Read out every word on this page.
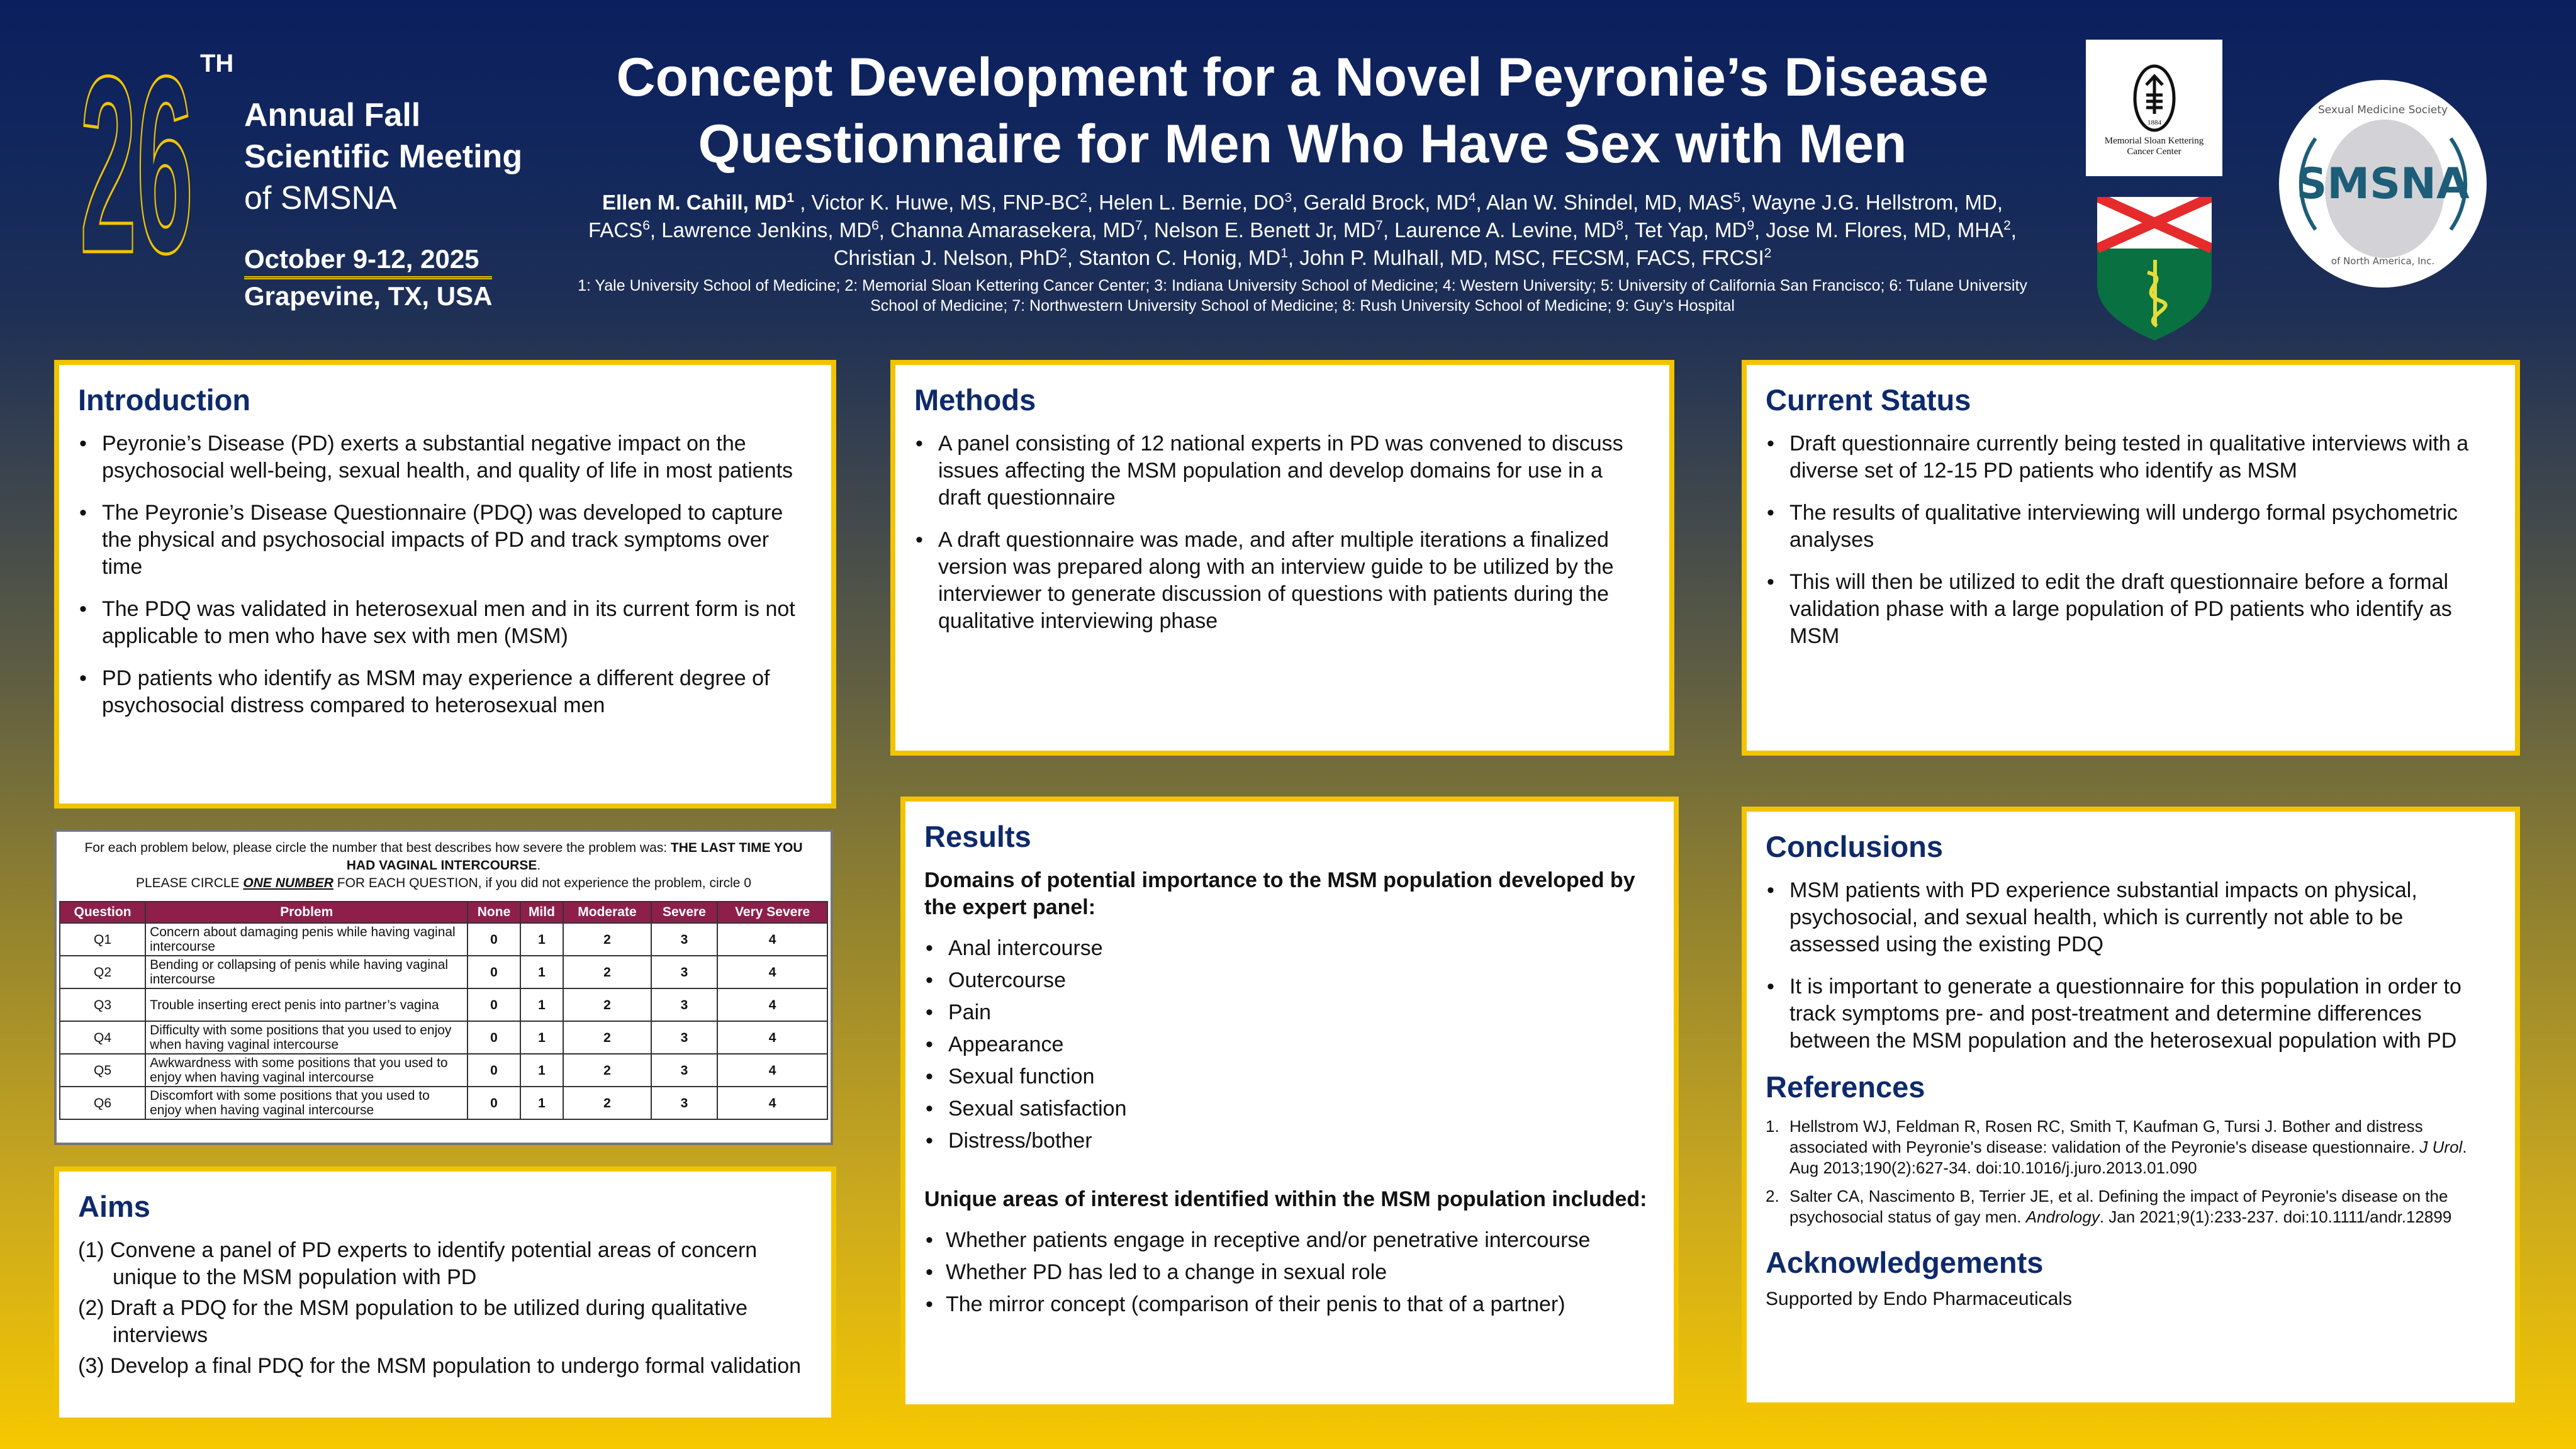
26 TH
Annual Fall
Scientific Meeting
of SMSNA
October 9-12, 2025
Grapevine, TX, USA
Concept Development for a Novel Peyronie’s Disease
Questionnaire for Men Who Have Sex with Men
Ellen M. Cahill, $MD^1$ , Victor K. Huwe, MS, FNP-$BC^2$, Helen L. Bernie, $DO^3$, Gerald Brock, $MD^4$, Alan W. Shindel, MD, MAS$^5$, Wayne J.G. Hellstrom, MD, FACS$^6$, Lawrence Jenkins, $MD^6$, Channa Amarasekera, $MD^7$, Nelson E. Benett Jr, $MD^7$, Laurence A. Levine, $MD^8$, Tet Yap, $MD^9$, Jose M. Flores, MD, MHA$^2$, Christian J. Nelson, PhD$^2$, Stanton C. Honig, $MD^1$, John P. Mulhall, MD, MSC, FECSM, FACS, FRCSI$^2$
1: Yale University School of Medicine; 2: Memorial Sloan Kettering Cancer Center; 3: Indiana University School of Medicine; 4: Western University; 5: University of California San Francisco; 6: Tulane University School of Medicine; 7: Northwestern University School of Medicine; 8: Rush University School of Medicine; 9: Guy’s Hospital
1884
Memorial Sloan Kettering
Cancer Center
SMSNA
Sexual Medicine Society
of North America, Inc.
Introduction
• Peyronie’s Disease (PD) exerts a substantial negative impact on the psychosocial well-being, sexual health, and quality of life in most patients
• The Peyronie’s Disease Questionnaire (PDQ) was developed to capture the physical and psychosocial impacts of PD and track symptoms over time
• The PDQ was validated in heterosexual men and in its current form is not applicable to men who have sex with men (MSM)
• PD patients who identify as MSM may experience a different degree of psychosocial distress compared to heterosexual men
For each problem below, please circle the number that best describes how severe the problem was: THE LAST TIME YOU HAD VAGINAL INTERCOURSE.
PLEASE CIRCLE ONE NUMBER FOR EACH QUESTION, if you did not experience the problem, circle 0
Question	Problem	None	Mild	Moderate	Severe	Very Severe
Q1	Concern about damaging penis while having vaginal intercourse	0	1	2	3	4
Q2	Bending or collapsing of penis while having vaginal intercourse	0	1	2	3	4
Q3	Trouble inserting erect penis into partner’s vagina	0	1	2	3	4
Q4	Difficulty with some positions that you used to enjoy when having vaginal intercourse	0	1	2	3	4
Q5	Awkwardness with some positions that you used to enjoy when having vaginal intercourse	0	1	2	3	4
Q6	Discomfort with some positions that you used to enjoy when having vaginal intercourse	0	1	2	3	4
Aims
(1) Convene a panel of PD experts to identify potential areas of concern unique to the MSM population with PD
(2) Draft a PDQ for the MSM population to be utilized during qualitative interviews
(3) Develop a final PDQ for the MSM population to undergo formal validation
Methods
• A panel consisting of 12 national experts in PD was convened to discuss issues affecting the MSM population and develop domains for use in a draft questionnaire
• A draft questionnaire was made, and after multiple iterations a finalized version was prepared along with an interview guide to be utilized by the interviewer to generate discussion of questions with patients during the qualitative interviewing phase
Results

Domains of potential importance to the MSM population developed by the expert panel:

• Anal intercourse
• Outercourse
• Pain
• Appearance
• Sexual function
• Sexual satisfaction
• Distress/bother

Unique areas of interest identified within the MSM population included:

• Whether patients engage in receptive and/or penetrative intercourse
• Whether PD has led to a change in sexual role
• The mirror concept (comparison of their penis to that of a partner)
Current Status
• Draft questionnaire currently being tested in qualitative interviews with a diverse set of 12-15 PD patients who identify as MSM
• The results of qualitative interviewing will undergo formal psychometric analyses
• This will then be utilized to edit the draft questionnaire before a formal validation phase with a large population of PD patients who identify as MSM
Conclusions
• MSM patients with PD experience substantial impacts on physical, psychosocial, and sexual health, which is currently not able to be assessed using the existing PDQ
• It is important to generate a questionnaire for this population in order to track symptoms pre- and post-treatment and determine differences between the MSM population and the heterosexual population with PD
References
1. Hellstrom WJ, Feldman R, Rosen RC, Smith T, Kaufman G, Tursi J. Bother and distress associated with Peyronie's disease: validation of the Peyronie's disease questionnaire. J Urol. Aug 2013;190(2):627-34. doi:10.1016/j.juro.2013.01.090
2. Salter CA, Nascimento B, Terrier JE, et al. Defining the impact of Peyronie's disease on the psychosocial status of gay men. Andrology. Jan 2021;9(1):233-237. doi:10.1111/andr.12899
Acknowledgements
Supported by Endo Pharmaceuticals
